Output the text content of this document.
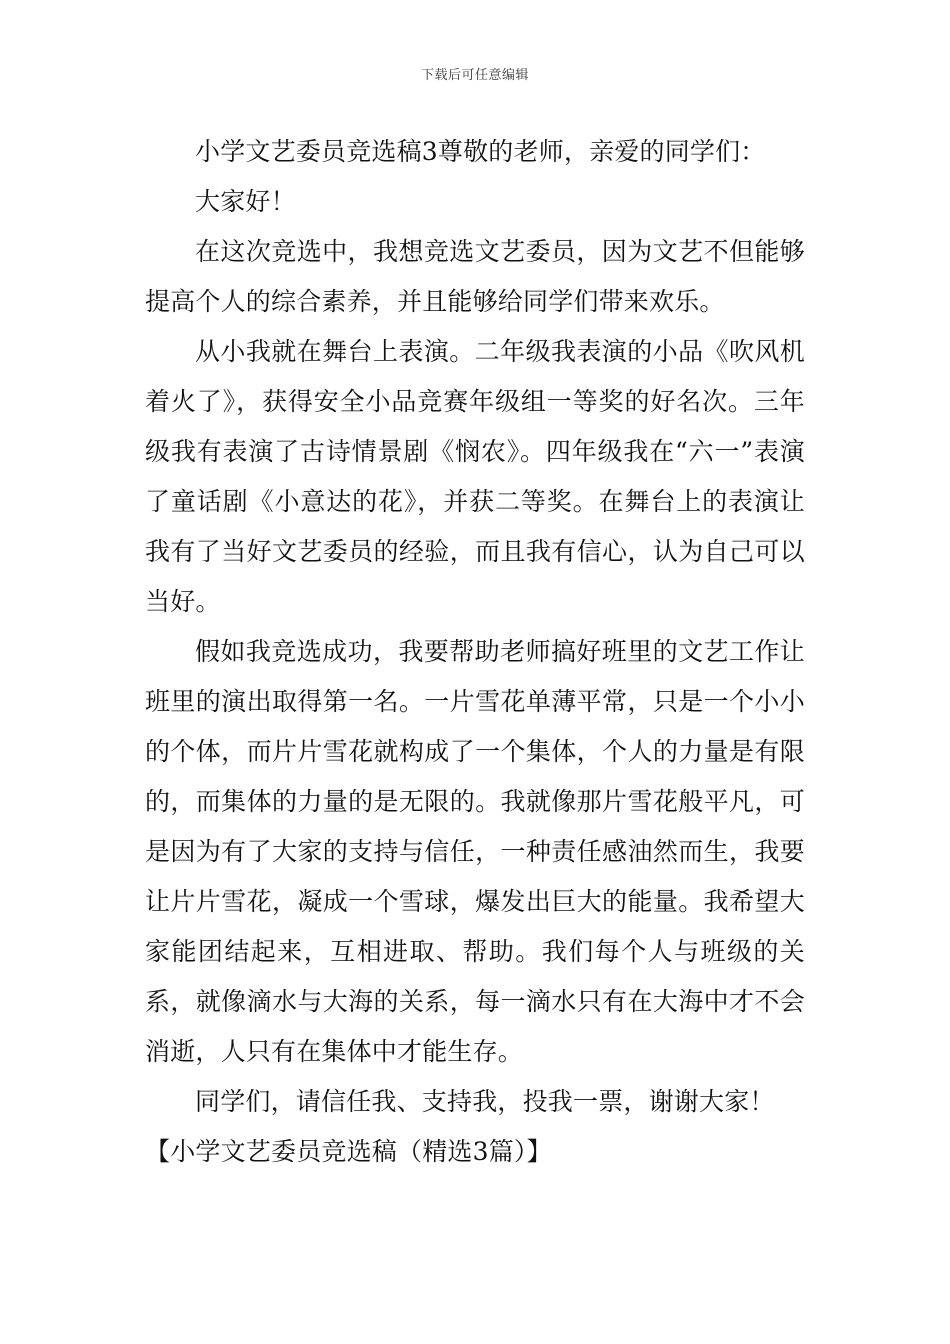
下载后可任意编辑

小学文艺委员竞选稿3尊敬的老师，亲爱的同学们：

大家好！

在这次竞选中，我想竞选文艺委员，因为文艺不但能够提高个人的综合素养，并且能够给同学们带来欢乐。

从小我就在舞台上表演。二年级我表演的小品《吹风机着火了》，获得安全小品竞赛年级组一等奖的好名次。三年级我有表演了古诗情景剧《悯农》。四年级我在“六一”表演了童话剧《小意达的花》，并获二等奖。在舞台上的表演让我有了当好文艺委员的经验，而且我有信心，认为自己可以当好。

假如我竞选成功，我要帮助老师搞好班里的文艺工作让班里的演出取得第一名。一片雪花单薄平常，只是一个小小的个体，而片片雪花就构成了一个集体，个人的力量是有限的，而集体的力量的是无限的。我就像那片雪花般平凡，可是因为有了大家的支持与信任，一种责任感油然而生，我要让片片雪花，凝成一个雪球，爆发出巨大的能量。我希望大家能团结起来，互相进取、帮助。我们每个人与班级的关系，就像滴水与大海的关系，每一滴水只有在大海中才不会消逝，人只有在集体中才能生存。

同学们，请信任我、支持我，投我一票，谢谢大家！

【小学文艺委员竞选稿（精选3篇）】
